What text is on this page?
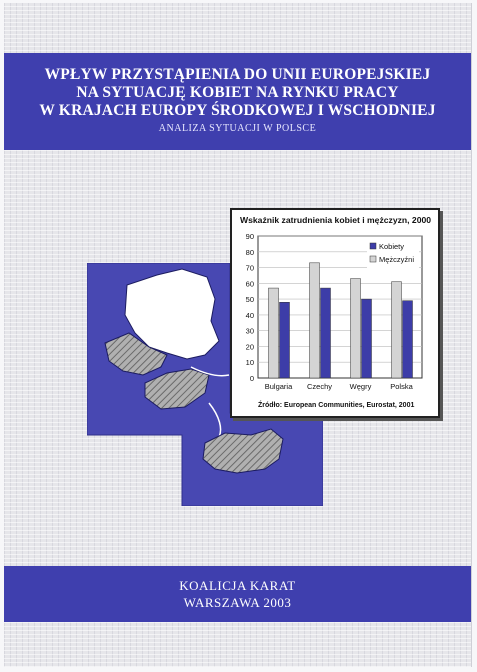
WPŁYW PRZYSTĄPIENIA DO UNII EUROPEJSKIEJ
NA SYTUACJĘ KOBIET NA RYNKU PRACY
W KRAJACH EUROPY ŚRODKOWEJ I WSCHODNIEJ
ANALIZA SYTUACJI W POLSCE
Wskaźnik zatrudnienia kobiet i mężczyzn, 2000
0
10
20
30
40
50
60
70
80
90
Bulgaria Czechy Węgry	Polska
Kobiety
Mężczyźni
Źródło: European Communities, Eurostat, 2001
KOALICJA KARAT
WARSZAWA 2003
